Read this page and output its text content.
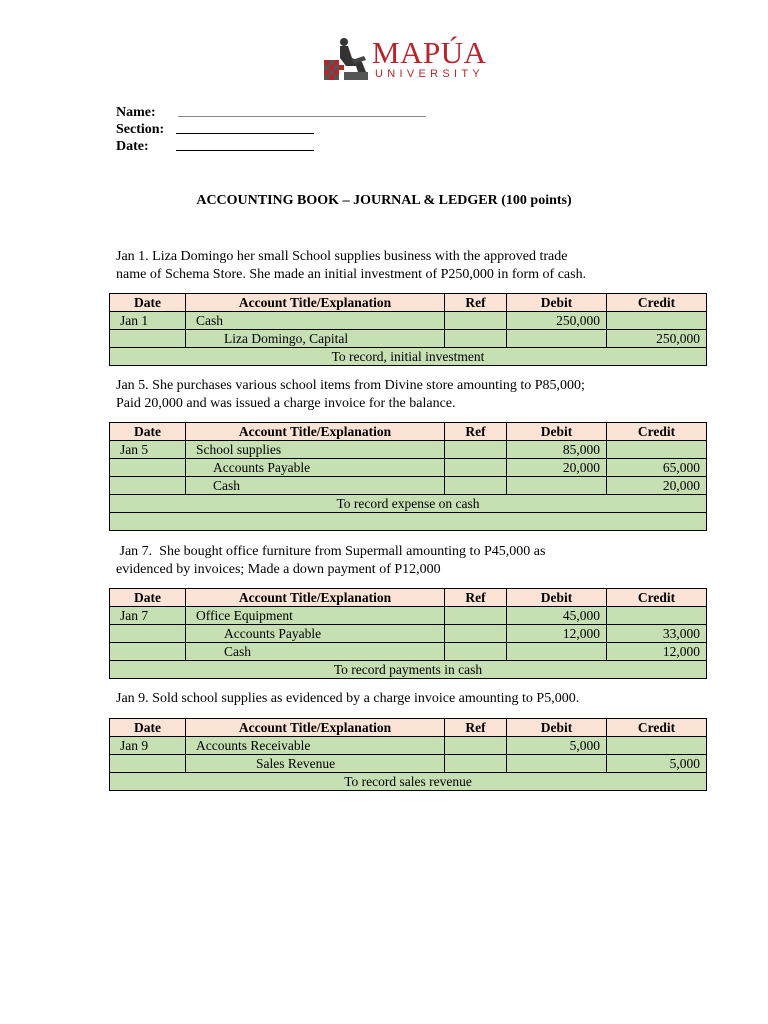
MAPÚA
UNIVERSITY
Name:
Section:
Date:
ACCOUNTING BOOK – JOURNAL & LEDGER (100 points)
Jan 1. Liza Domingo her small School supplies business with the approved trade
name of Schema Store. She made an initial investment of P250,000 in form of cash.
Date	Account Title/Explanation	Ref	Debit	Credit
Jan 1	Cash		250,000	
	Liza Domingo, Capital			250,000
To record, initial investment				
Jan 5. She purchases various school items from Divine store amounting to P85,000;
Paid 20,000 and was issued a charge invoice for the balance.
Date	Account Title/Explanation	Ref	Debit	Credit
Jan 5	School supplies		85,000	
	Accounts Payable		20,000	65,000
	Cash			20,000
To record expense on cash				

Jan 7.  She bought office furniture from Supermall amounting to P45,000 as
evidenced by invoices; Made a down payment of P12,000
Date	Account Title/Explanation	Ref	Debit	Credit
Jan 7	Office Equipment		45,000	
	Accounts Payable		12,000	33,000
	Cash			12,000
To record payments in cash				
Jan 9. Sold school supplies as evidenced by a charge invoice amounting to P5,000.
Date	Account Title/Explanation	Ref	Debit	Credit
Jan 9	Accounts Receivable		5,000	
	Sales Revenue			5,000
To record sales revenue				
